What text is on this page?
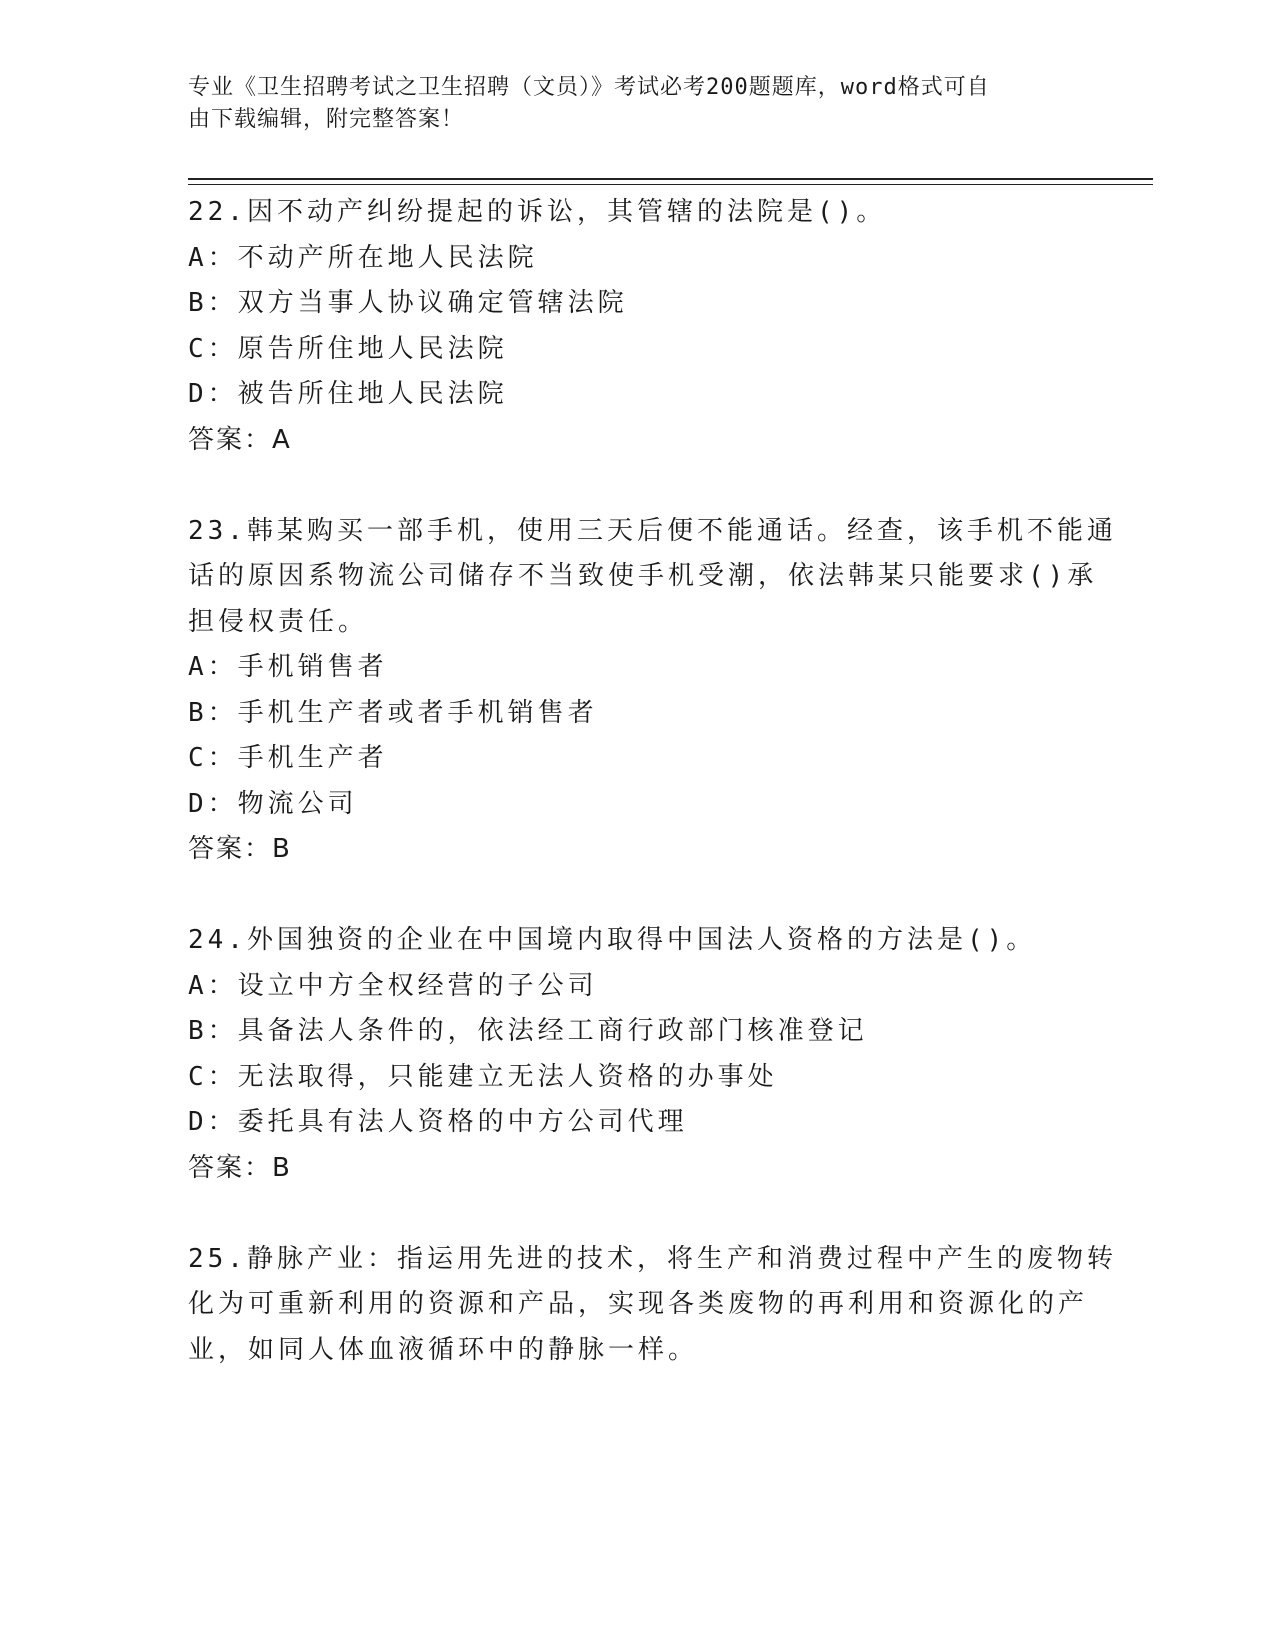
专业《卫生招聘考试之卫生招聘（文员）》考试必考200题题库，word格式可自
由下载编辑，附完整答案！
22.因不动产纠纷提起的诉讼，其管辖的法院是()。
A：不动产所在地人民法院
B：双方当事人协议确定管辖法院
C：原告所住地人民法院
D：被告所住地人民法院
答案：A
23.韩某购买一部手机，使用三天后便不能通话。经查，该手机不能通
话的原因系物流公司储存不当致使手机受潮，依法韩某只能要求()承
担侵权责任。
A：手机销售者
B：手机生产者或者手机销售者
C：手机生产者
D：物流公司
答案：B
24.外国独资的企业在中国境内取得中国法人资格的方法是()。
A：设立中方全权经营的子公司
B：具备法人条件的，依法经工商行政部门核准登记
C：无法取得，只能建立无法人资格的办事处
D：委托具有法人资格的中方公司代理
答案：B
25.静脉产业：指运用先进的技术，将生产和消费过程中产生的废物转
化为可重新利用的资源和产品，实现各类废物的再利用和资源化的产
业，如同人体血液循环中的静脉一样。
